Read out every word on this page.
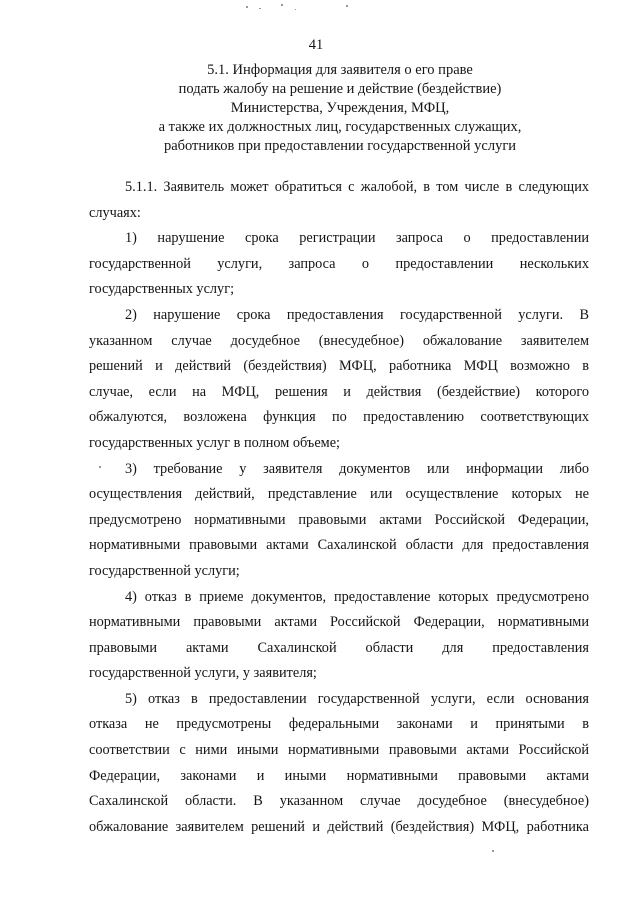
41
5.1. Информация для заявителя о его праве
подать жалобу на решение и действие (бездействие)
Министерства, Учреждения, МФЦ,
а также их должностных лиц, государственных служащих,
работников при предоставлении государственной услуги
5.1.1. Заявитель может обратиться с жалобой, в том числе в следующих
случаях:
1) нарушение срока регистрации запроса о предоставлении
государственной услуги, запроса о предоставлении нескольких
государственных услуг;
2) нарушение срока предоставления государственной услуги. В
указанном случае досудебное (внесудебное) обжалование заявителем
решений и действий (бездействия) МФЦ, работника МФЦ возможно в
случае, если на МФЦ, решения и действия (бездействие) которого
обжалуются, возложена функция по предоставлению соответствующих
государственных услуг в полном объеме;
3) требование у заявителя документов или информации либо
осуществления действий, представление или осуществление которых не
предусмотрено нормативными правовыми актами Российской Федерации,
нормативными правовыми актами Сахалинской области для предоставления
государственной услуги;
4) отказ в приеме документов, предоставление которых предусмотрено
нормативными правовыми актами Российской Федерации, нормативными
правовыми актами Сахалинской области для предоставления
государственной услуги, у заявителя;
5) отказ в предоставлении государственной услуги, если основания
отказа не предусмотрены федеральными законами и принятыми в
соответствии с ними иными нормативными правовыми актами Российской
Федерации, законами и иными нормативными правовыми актами
Сахалинской области. В указанном случае досудебное (внесудебное)
обжалование заявителем решений и действий (бездействия) МФЦ, работника
